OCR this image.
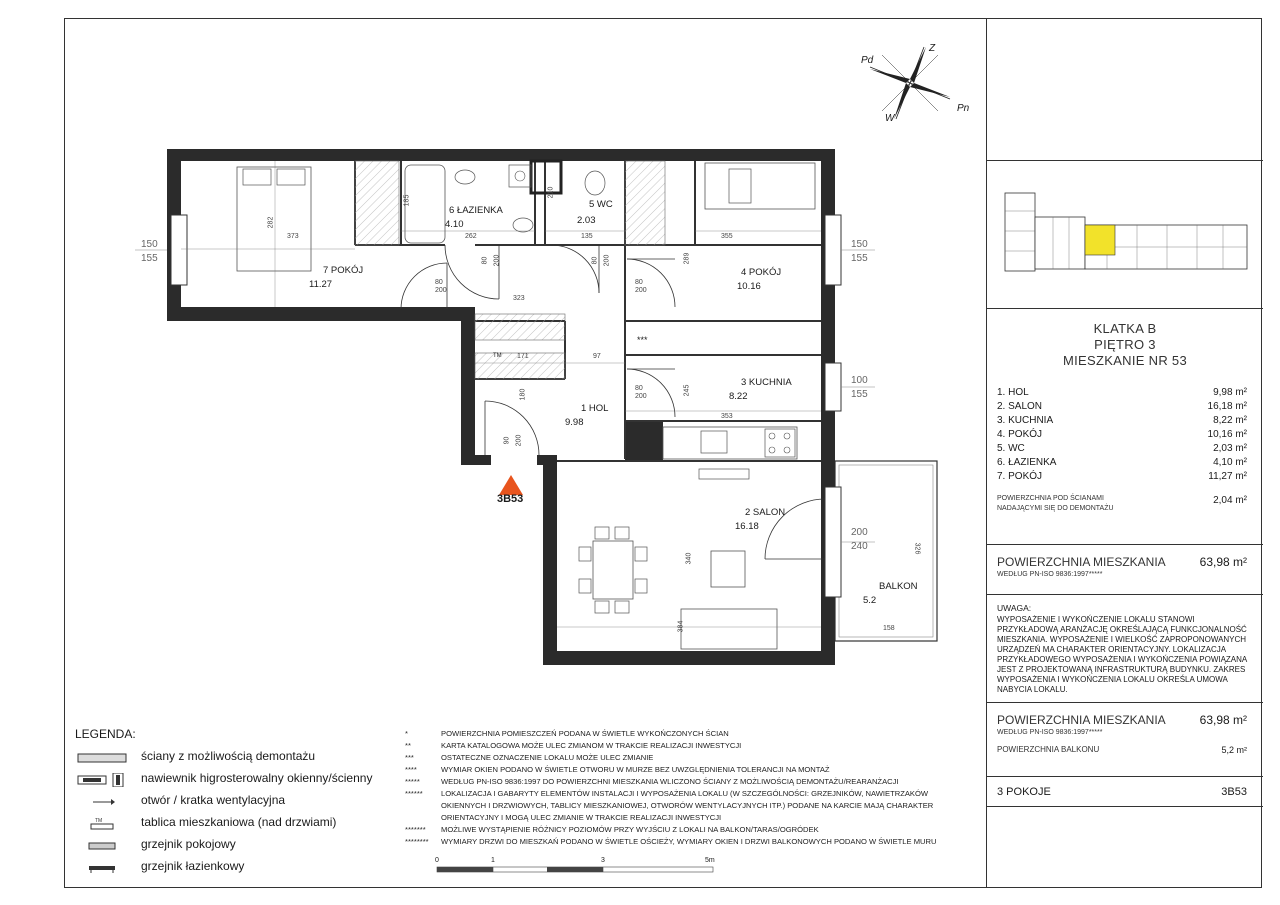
Z
Pn
W
Pd
7 POKÓJ
11.27
6 ŁAZIENKA
4.10
5 WC
2.03
4 POKÓJ
10.16
3 KUCHNIA
8.22
1 HOL
9.98
2 SALON
16.18
BALKON
5.2
282
373	262	135	355
289
323
171	97
180	245
353
340
384
326
158
185
210
80
200
80 200	80 200
80
200
80
200
90 200
150
155
150
155
100
155
200
240
***
TM
3B53
LEGENDA:
ściany z możliwością demontażu
nawiewnik higrosterowalny okienny/ścienny
otwór / kratka wentylacyjna
TM	tablica mieszkaniowa (nad drzwiami)
grzejnik pokojowy
grzejnik łazienkowy
*	POWIERZCHNIA POMIESZCZEŃ PODANA W ŚWIETLE WYKOŃCZONYCH ŚCIAN
**	KARTA KATALOGOWA MOŻE ULEC ZMIANOM W TRAKCIE REALIZACJI INWESTYCJI
***	OSTATECZNE OZNACZENIE LOKALU MOŻE ULEC ZMIANIE
****	WYMIAR OKIEN PODANO W ŚWIETLE OTWORU W MURZE BEZ UWZGLĘDNIENIA TOLERANCJI NA MONTAŻ
*****	WEDŁUG PN-ISO 9836:1997 DO POWIERZCHNI MIESZKANIA WLICZONO ŚCIANY Z MOŻLIWOŚCIĄ DEMONTAŻU/REARANŻACJI
****** LOKALIZACJA I GABARYTY ELEMENTÓW INSTALACJI I WYPOSAŻENIA LOKALU (W SZCZEGÓLNOŚCI: GRZEJNIKÓW, NAWIETRZAKÓW
OKIENNYCH I DRZWIOWYCH, TABLICY MIESZKANIOWEJ, OTWORÓW WENTYLACYJNYCH ITP.) PODANE NA KARCIE MAJĄ CHARAKTER
ORIENTACYJNY I MOGĄ ULEC ZMIANIE W TRAKCIE REALIZACJI INWESTYCJI
******* MOŻLIWE WYSTĄPIENIE RÓŻNICY POZIOMÓW PRZY WYJŚCIU Z LOKALI NA BALKON/TARAS/OGRÓDEK
******** WYMIARY DRZWI DO MIESZKAŃ PODANO W ŚWIETLE OŚCIEŻY, WYMIARY OKIEN I DRZWI BALKONOWYCH PODANO W ŚWIETLE MURU
0	1	3	5m
KLATKA B
PIĘTRO 3
MIESZKANIE NR 53
1. HOL	9,98 m²
2. SALON	16,18 m²
3. KUCHNIA	8,22 m²
4. POKÓJ	10,16 m²
5. WC	2,03 m²
6. ŁAZIENKA	4,10 m²
7. POKÓJ	11,27 m²
POWIERZCHNIA POD ŚCIANAMI
NADAJĄCYMI SIĘ DO DEMONTAŻU
2,04 m²
POWIERZCHNIA MIESZKANIA
WEDŁUG PN-ISO 9836:1997*****
63,98 m²
UWAGA:
WYPOSAŻENIE I WYKOŃCZENIE LOKALU STANOWI
PRZYKŁADOWĄ ARANŻACJĘ OKREŚLAJĄCĄ FUNKCJONALNOŚĆ
MIESZKANIA. WYPOSAŻENIE I WIELKOŚĆ ZAPROPONOWANYCH
URZĄDZEŃ MA CHARAKTER ORIENTACYJNY. LOKALIZACJA
PRZYKŁADOWEGO WYPOSAŻENIA I WYKOŃCZENIA POWIĄZANA
JEST Z PROJEKTOWANĄ INFRASTRUKTURĄ BUDYNKU. ZAKRES
WYPOSAŻENIA I WYKOŃCZENIA LOKALU OKREŚLA UMOWA
NABYCIA LOKALU.
POWIERZCHNIA MIESZKANIA
WEDŁUG PN-ISO 9836:1997*****
63,98 m²
POWIERZCHNIA BALKONU	5,2 m²
3 POKOJE	3B53
